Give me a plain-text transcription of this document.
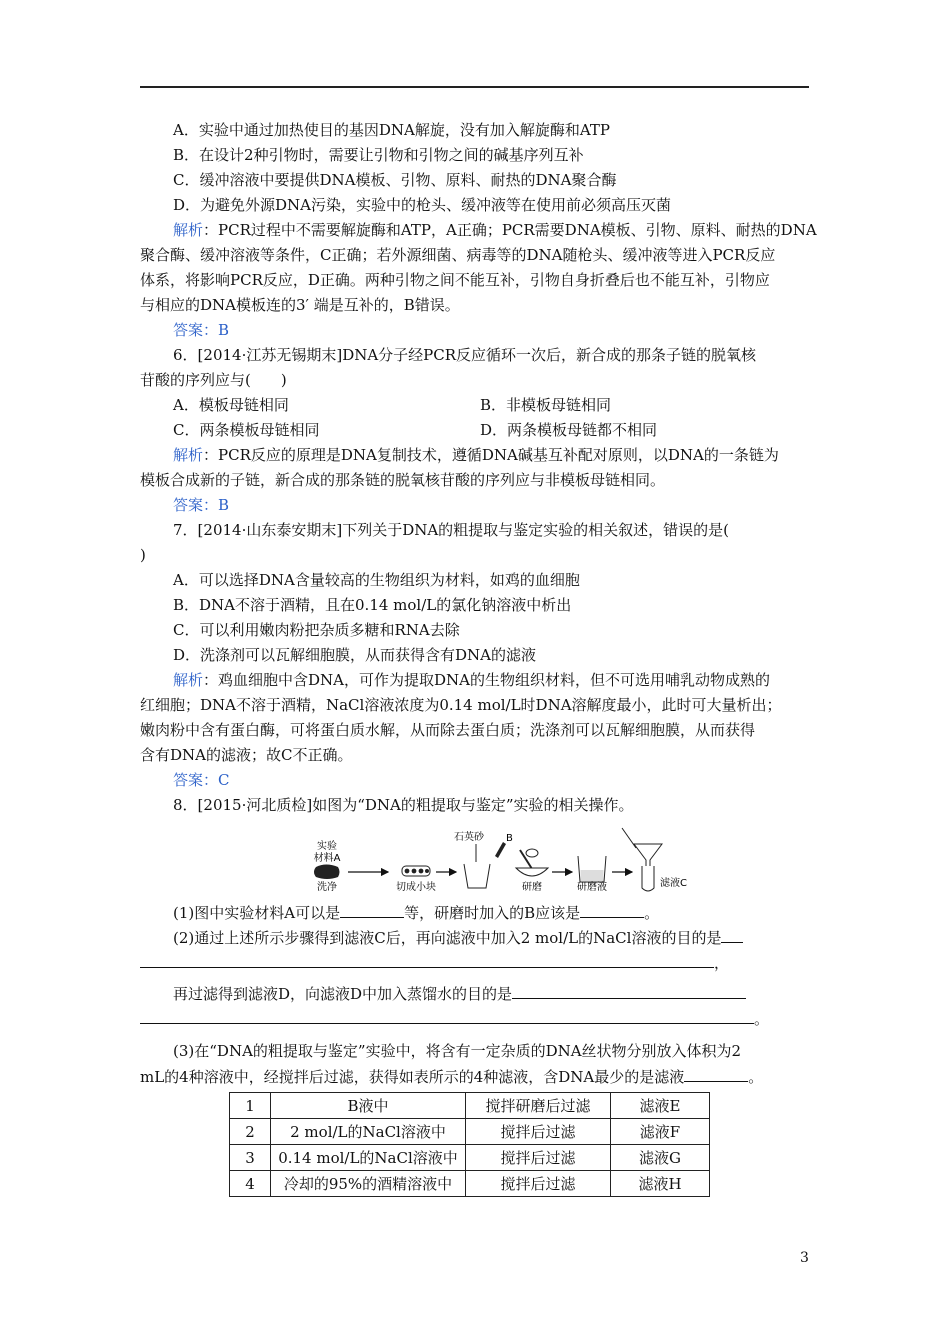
A．实验中通过加热使目的基因DNA解旋，没有加入解旋酶和ATP
B．在设计2种引物时，需要让引物和引物之间的碱基序列互补
C．缓冲溶液中要提供DNA模板、引物、原料、耐热的DNA聚合酶
D．为避免外源DNA污染，实验中的枪头、缓冲液等在使用前必须高压灭菌
解析：PCR过程中不需要解旋酶和ATP，A正确；PCR需要DNA模板、引物、原料、耐热的DNA
聚合酶、缓冲溶液等条件，C正确；若外源细菌、病毒等的DNA随枪头、缓冲液等进入PCR反应
体系，将影响PCR反应，D正确。两种引物之间不能互补，引物自身折叠后也不能互补，引物应
与相应的DNA模板连的3′ 端是互补的，B错误。
答案：B
6．[2014·江苏无锡期末]DNA分子经PCR反应循环一次后，新合成的那条子链的脱氧核
苷酸的序列应与(　　)
A．模板母链相同	B．非模板母链相同
C．两条模板母链相同	D．两条模板母链都不相同
解析：PCR反应的原理是DNA复制技术，遵循DNA碱基互补配对原则，以DNA的一条链为
模板合成新的子链，新合成的那条链的脱氧核苷酸的序列应与非模板母链相同。
答案：B
7．[2014·山东泰安期末]下列关于DNA的粗提取与鉴定实验的相关叙述，错误的是(
)
A．可以选择DNA含量较高的生物组织为材料，如鸡的血细胞
B．DNA不溶于酒精，且在0.14 mol/L的氯化钠溶液中析出
C．可以利用嫩肉粉把杂质多糖和RNA去除
D．洗涤剂可以瓦解细胞膜，从而获得含有DNA的滤液
解析：鸡血细胞中含DNA，可作为提取DNA的生物组织材料，但不可选用哺乳动物成熟的
红细胞；DNA不溶于酒精，NaCl溶液浓度为0.14 mol/L时DNA溶解度最小，此时可大量析出；
嫩肉粉中含有蛋白酶，可将蛋白质水解，从而除去蛋白质；洗涤剂可以瓦解细胞膜，从而获得
含有DNA的滤液；故C不正确。
答案：C
8．[2015·河北质检]如图为“DNA的粗提取与鉴定”实验的相关操作。
实验
材料A
洗净	切成小块
石英砂 B
研磨	研磨液	滤液C
(1)图中实验材料A可以是	等，研磨时加入的B应该是	。
(2)通过上述所示步骤得到滤液C后，再向滤液中加入2 mol/L的NaCl溶液的目的是
，
再过滤得到滤液D，向滤液D中加入蒸馏水的目的是
。
(3)在“DNA的粗提取与鉴定”实验中，将含有一定杂质的DNA丝状物分别放入体积为2
mL的4种溶液中，经搅拌后过滤，获得如表所示的4种滤液，含DNA最少的是滤液	。
1	B液中	搅拌研磨后过滤	滤液E
2	2 mol/L的NaCl溶液中	搅拌后过滤	滤液F
3	0.14 mol/L的NaCl溶液中	搅拌后过滤	滤液G
4	冷却的95%的酒精溶液中	搅拌后过滤	滤液H
3
